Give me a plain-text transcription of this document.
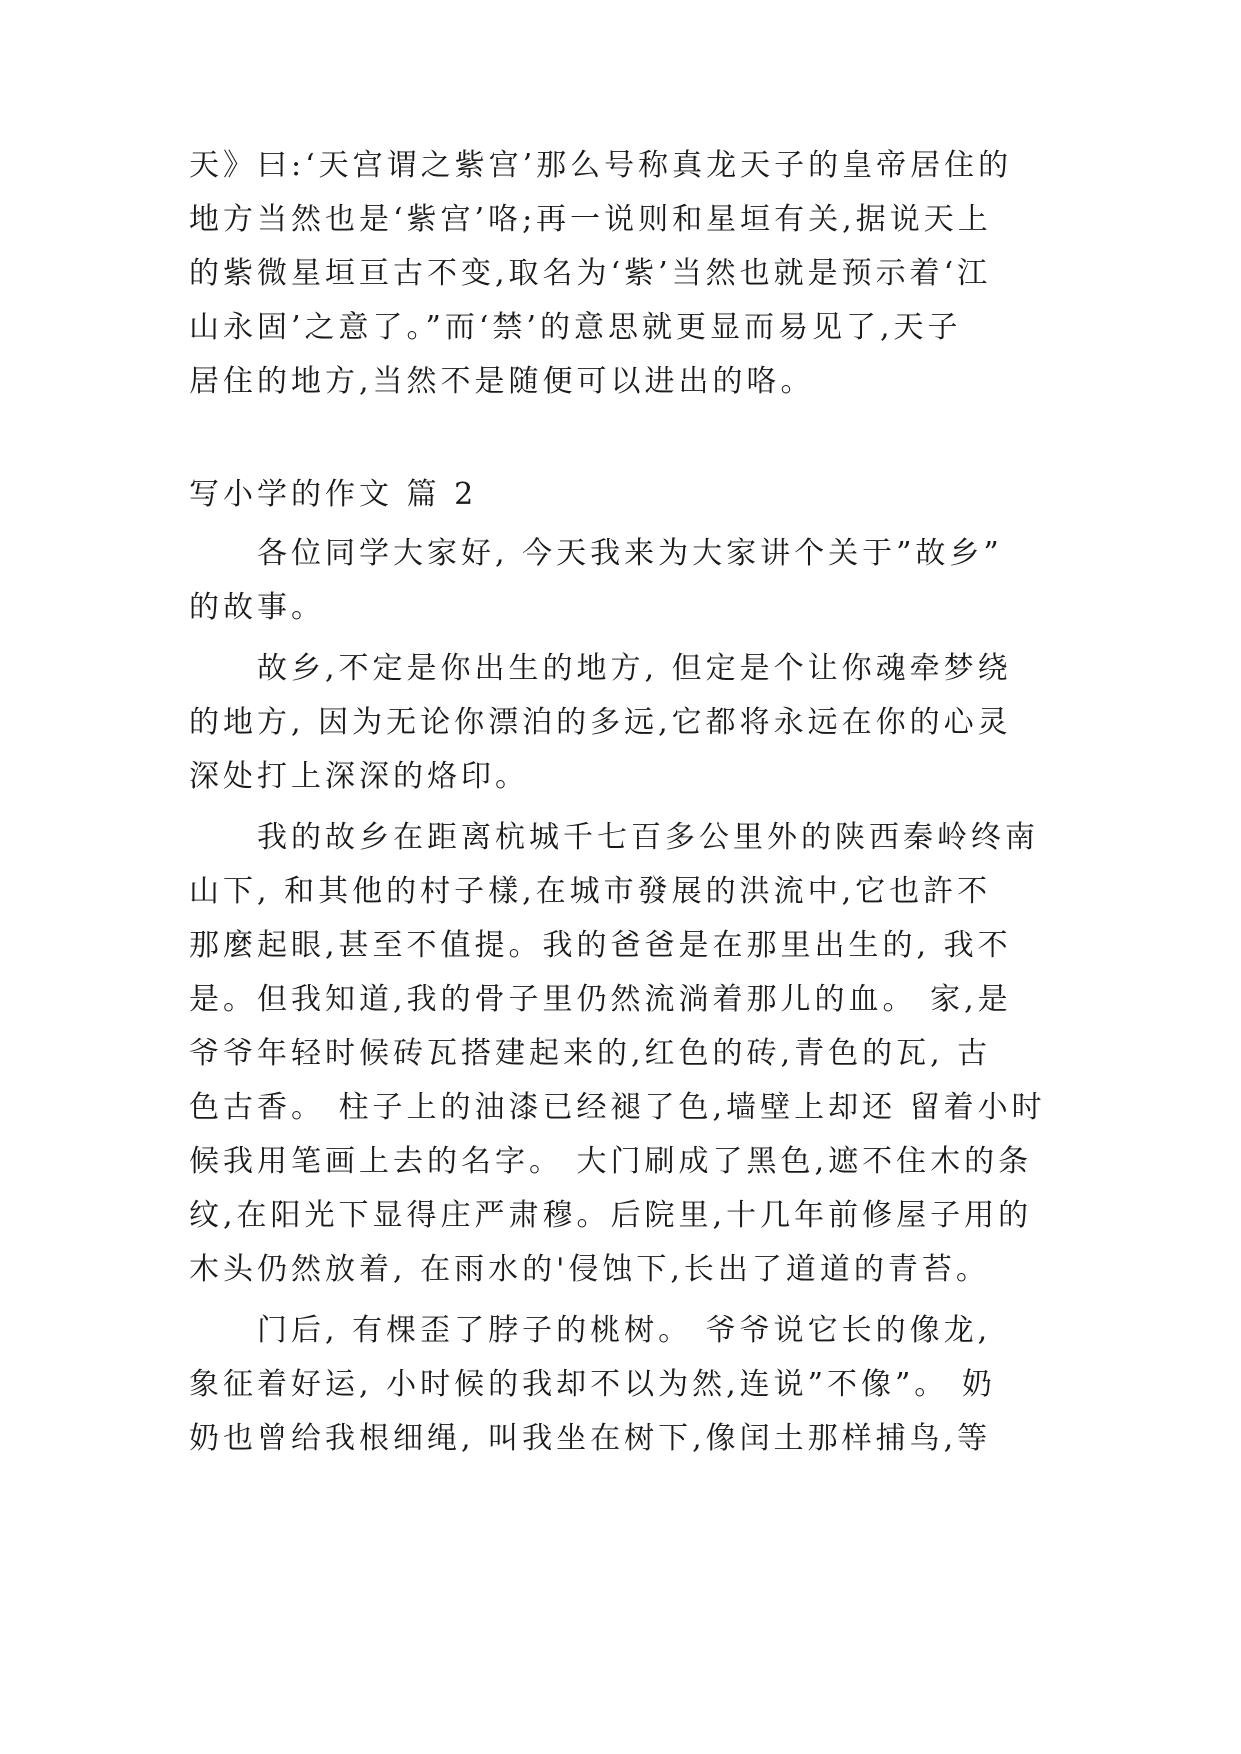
天》曰:‘天宫谓之紫宫’那么号称真龙天子的皇帝居住的
地方当然也是‘紫宫’咯;再一说则和星垣有关,据说天上
的紫微星垣亘古不变,取名为‘紫’当然也就是预示着‘江
山永固’之意了。”而‘禁’的意思就更显而易见了,天子
居住的地方,当然不是随便可以进出的咯。
写小学的作文 篇 2
各位同学大家好, 今天我来为大家讲个关于”故乡”
的故事。
故乡,不定是你出生的地方, 但定是个让你魂牵梦绕
的地方, 因为无论你漂泊的多远,它都将永远在你的心灵
深处打上深深的烙印。
我的故乡在距离杭城千七百多公里外的陕西秦岭终南
山下, 和其他的村子樣,在城市發展的洪流中,它也許不
那麼起眼,甚至不值提。我的爸爸是在那里出生的, 我不
是。但我知道,我的骨子里仍然流淌着那儿的血。 家,是
爷爷年轻时候砖瓦搭建起来的,红色的砖,青色的瓦, 古
色古香。 柱子上的油漆已经褪了色,墙壁上却还 留着小时
候我用笔画上去的名字。 大门刷成了黑色,遮不住木的条
纹,在阳光下显得庄严肃穆。后院里,十几年前修屋子用的
木头仍然放着, 在雨水的'侵蚀下,长出了道道的青苔。
门后, 有棵歪了脖子的桃树。 爷爷说它长的像龙,
象征着好运, 小时候的我却不以为然,连说”不像”。 奶
奶也曾给我根细绳, 叫我坐在树下,像闰土那样捕鸟,等
